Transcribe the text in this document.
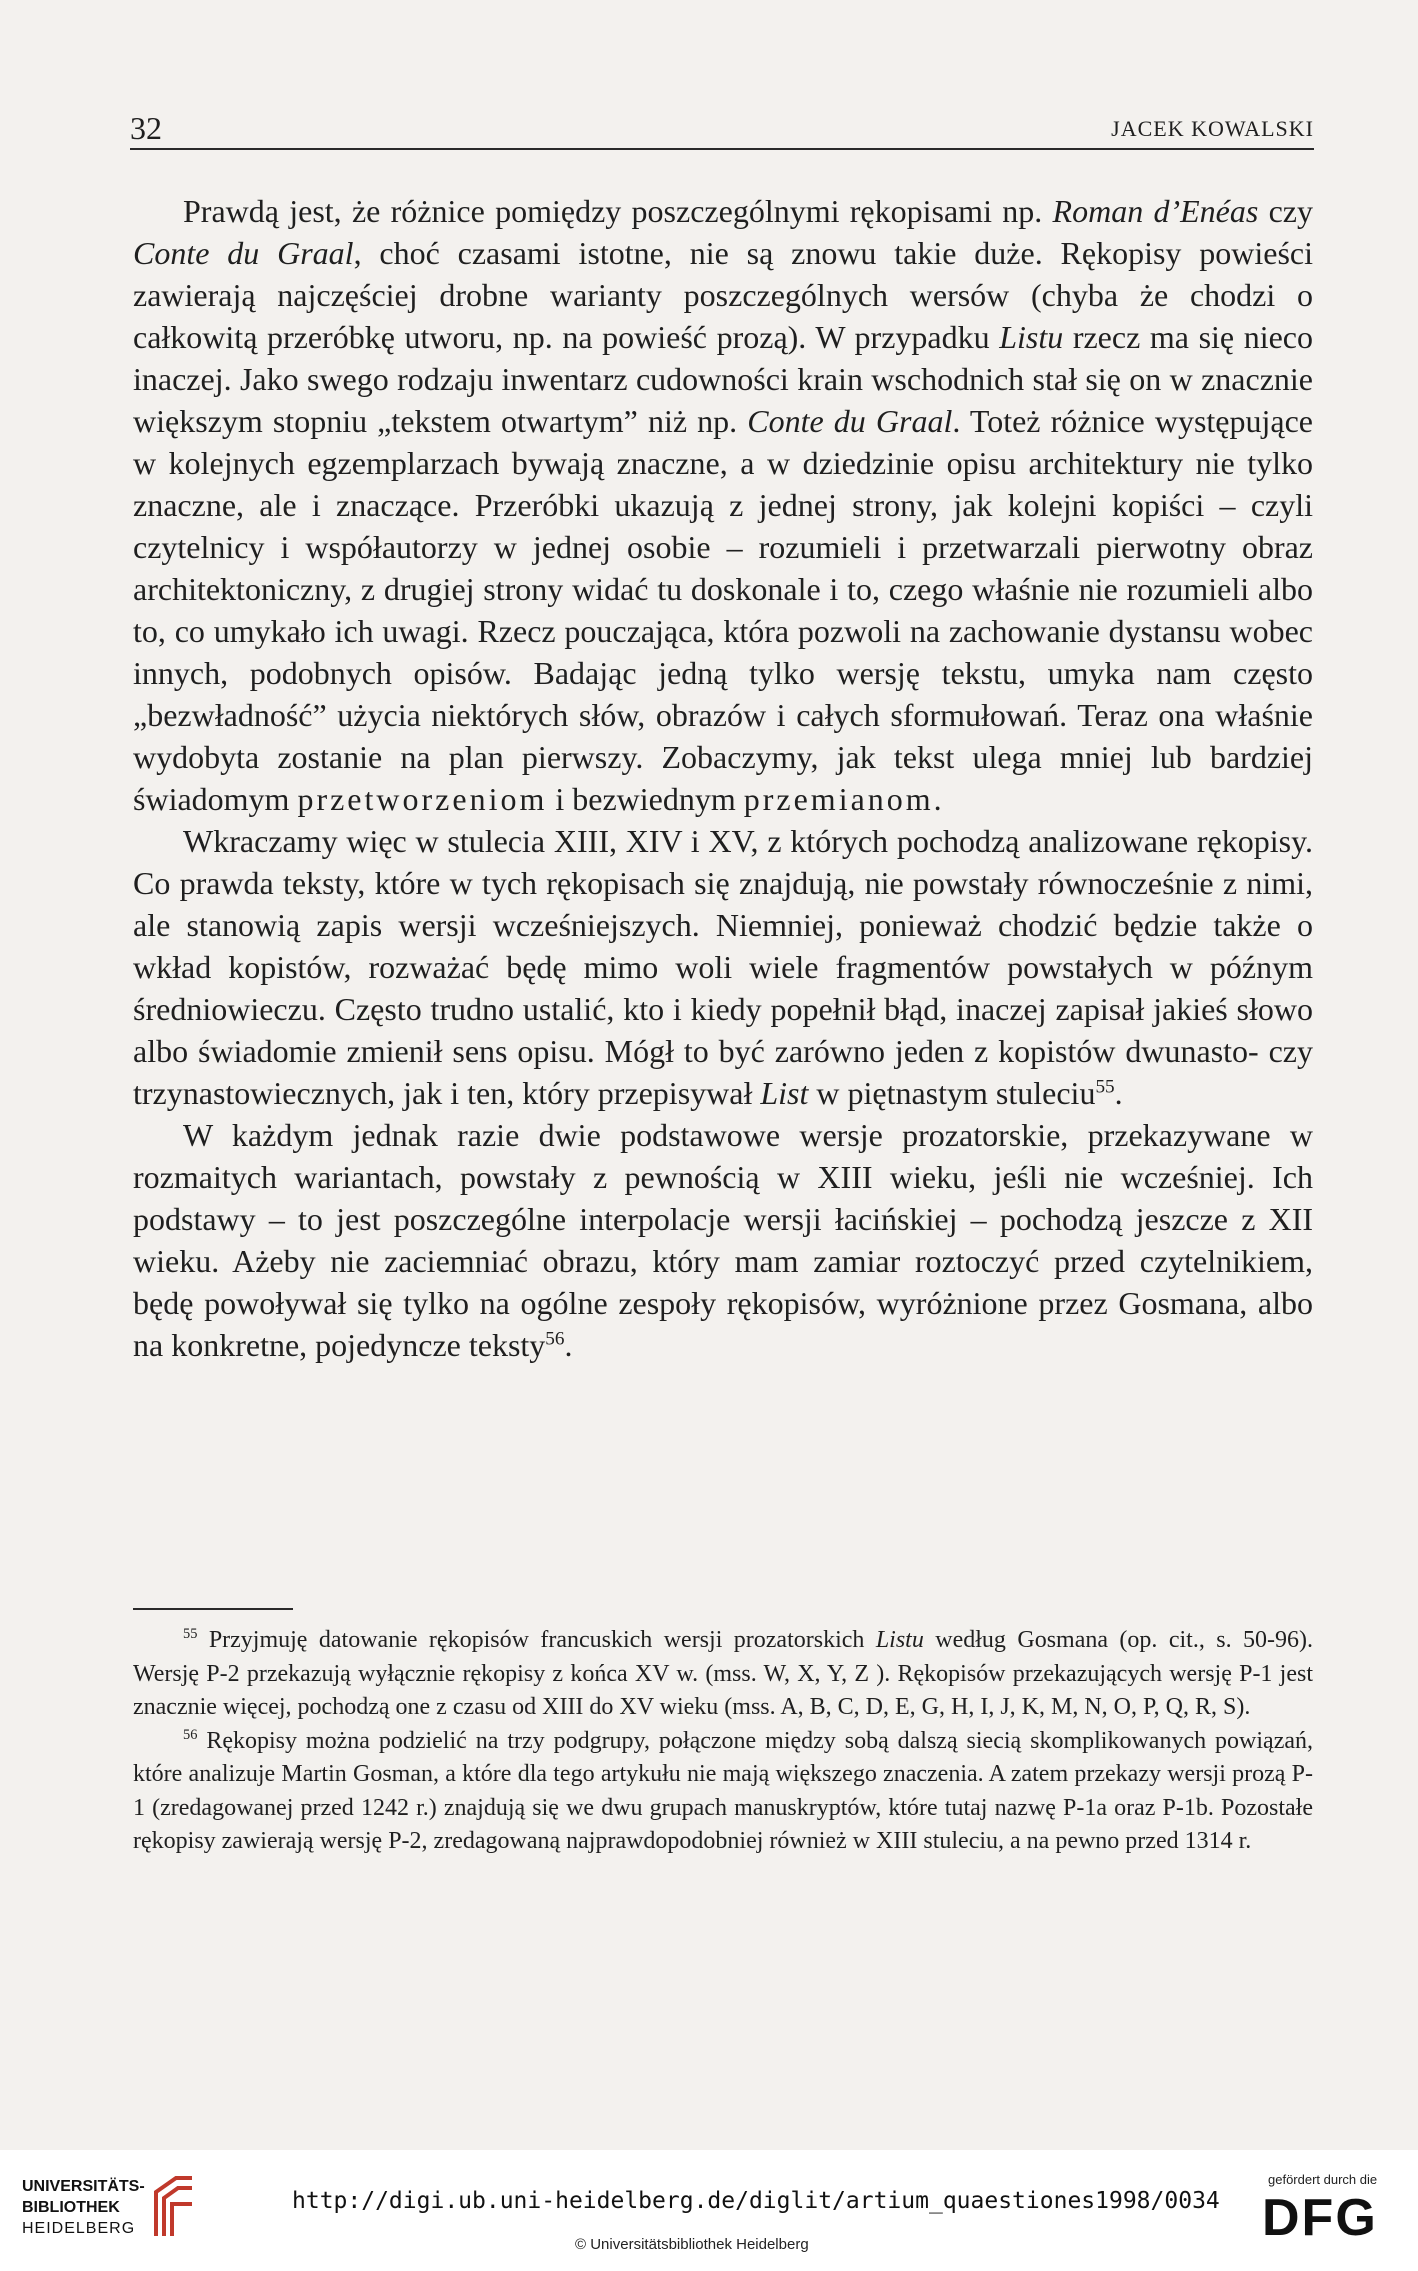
32	JACEK KOWALSKI

Prawdą jest, że różnice pomiędzy poszczególnymi rękopisami np. Roman d’Enéas czy Conte du Graal, choć czasami istotne, nie są znowu takie duże. Rękopisy powieści zawierają najczęściej drobne warianty poszczególnych wersów (chyba że chodzi o całkowitą przeróbkę utworu, np. na powieść prozą). W przypadku Listu rzecz ma się nieco inaczej. Jako swego rodzaju inwentarz cudowności krain wschodnich stał się on w znacznie większym stopniu „tekstem otwartym” niż np. Conte du Graal. Toteż różnice występujące w kolejnych egzemplarzach bywają znaczne, a w dziedzinie opisu architektury nie tylko znaczne, ale i znaczące. Przeróbki ukazują z jednej strony, jak kolejni kopiści – czyli czytelnicy i współautorzy w jednej osobie – rozumieli i przetwarzali pierwotny obraz architektoniczny, z drugiej strony widać tu doskonale i to, czego właśnie nie rozumieli albo to, co umykało ich uwagi. Rzecz pouczająca, która pozwoli na zachowanie dystansu wobec innych, podobnych opisów. Badając jedną tylko wersję tekstu, umyka nam często „bezwładność” użycia niektórych słów, obrazów i całych sformułowań. Teraz ona właśnie wydobyta zostanie na plan pierwszy. Zobaczymy, jak tekst ulega mniej lub bardziej świadomym przetworzeniom i bezwiednym przemianom.

Wkraczamy więc w stulecia XIII, XIV i XV, z których pochodzą analizowane rękopisy. Co prawda teksty, które w tych rękopisach się znajdują, nie powstały równocześnie z nimi, ale stanowią zapis wersji wcześniejszych. Niemniej, ponieważ chodzić będzie także o wkład kopistów, rozważać będę mimo woli wiele fragmentów powstałych w późnym średniowieczu. Często trudno ustalić, kto i kiedy popełnił błąd, inaczej zapisał jakieś słowo albo świadomie zmienił sens opisu. Mógł to być zarówno jeden z kopistów dwunasto- czy trzynastowiecznych, jak i ten, który przepisywał List w piętnastym stuleciu$^{55}$.

W każdym jednak razie dwie podstawowe wersje prozatorskie, przekazywane w rozmaitych wariantach, powstały z pewnością w XIII wieku, jeśli nie wcześniej. Ich podstawy – to jest poszczególne interpolacje wersji łacińskiej – pochodzą jeszcze z XII wieku. Ażeby nie zaciemniać obrazu, który mam zamiar roztoczyć przed czytelnikiem, będę powoływał się tylko na ogólne zespoły rękopisów, wyróżnione przez Gosmana, albo na konkretne, pojedyncze teksty$^{56}$.

$^{55}$ Przyjmuję datowanie rękopisów francuskich wersji prozatorskich Listu według Gosmana (op. cit., s. 50-96). Wersję P-2 przekazują wyłącznie rękopisy z końca XV w. (mss. W, X, Y, Z ). Rękopisów przekazujących wersję P-1 jest znacznie więcej, pochodzą one z czasu od XIII do XV wieku (mss. A, B, C, D, E, G, H, I, J, K, M, N, O, P, Q, R, S).

$^{56}$ Rękopisy można podzielić na trzy podgrupy, połączone między sobą dalszą siecią skomplikowanych powiązań, które analizuje Martin Gosman, a które dla tego artykułu nie mają większego znaczenia. A zatem przekazy wersji prozą P-1 (zredagowanej przed 1242 r.) znajdują się we dwu grupach manuskryptów, które tutaj nazwę P-1a oraz P-1b. Pozostałe rękopisy zawierają wersję P-2, zredagowaną najprawdopodobniej również w XIII stuleciu, a na pewno przed 1314 r.

UNIVERSITÄTS-
BIBLIOTHEK
HEIDELBERG
http://digi.ub.uni-heidelberg.de/diglit/artium_quaestiones1998/0034
© Universitätsbibliothek Heidelberg
gefördert durch die
DFG
